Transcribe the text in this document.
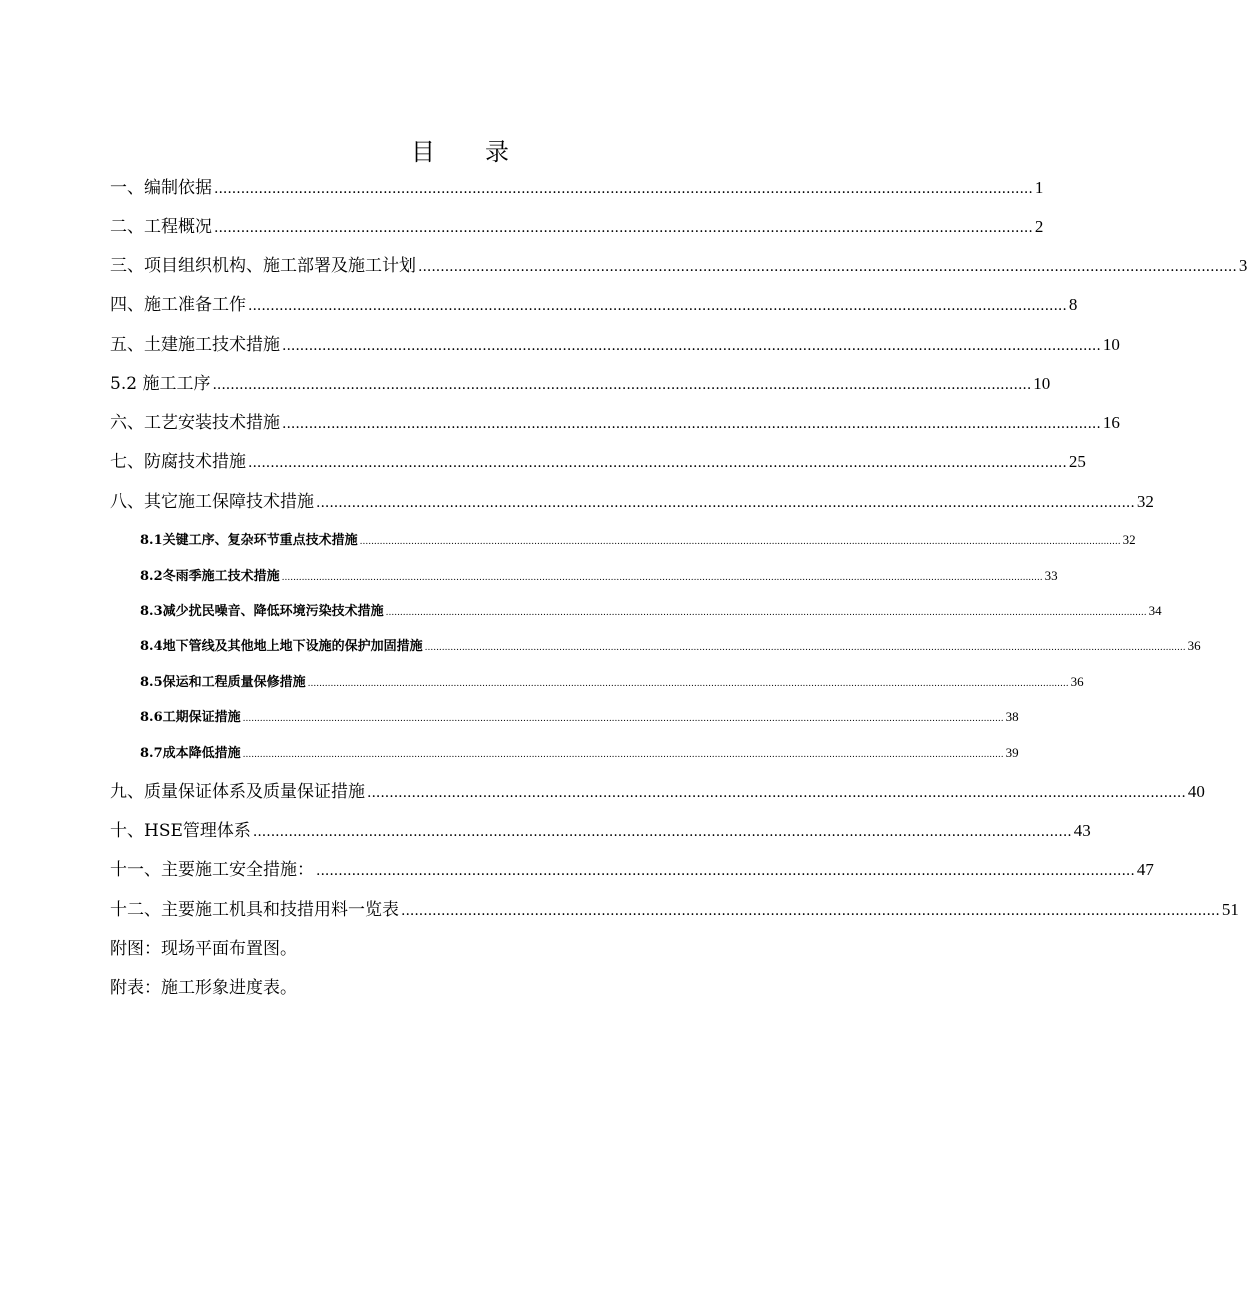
目 录
一、编制依据 ........................................................................................................................................................................................ 1
二、工程概况 ........................................................................................................................................................................................ 2
三、项目组织机构、施工部署及施工计划 ........................................................................................................................................................................................ 3
四、施工准备工作 ........................................................................................................................................................................................ 8
五、土建施工技术措施 ........................................................................................................................................................................................ 10
5.2 施工工序 ........................................................................................................................................................................................ 10
六、工艺安装技术措施 ........................................................................................................................................................................................ 16
七、防腐技术措施 ........................................................................................................................................................................................ 25
八、其它施工保障技术措施 ........................................................................................................................................................................................ 32
8.1关键工序、复杂环节重点技术措施 .......................................................................................................................................................................................................................................................................... 32
8.2冬雨季施工技术措施 .......................................................................................................................................................................................................................................................................... 33
8.3减少扰民噪音、降低环境污染技术措施 .......................................................................................................................................................................................................................................................................... 34
8.4地下管线及其他地上地下设施的保护加固措施 .......................................................................................................................................................................................................................................................................... 36
8.5保运和工程质量保修措施 .......................................................................................................................................................................................................................................................................... 36
8.6工期保证措施 .......................................................................................................................................................................................................................................................................... 38
8.7成本降低措施 .......................................................................................................................................................................................................................................................................... 39
九、质量保证体系及质量保证措施 ........................................................................................................................................................................................ 40
十、HSE管理体系 ........................................................................................................................................................................................ 43
十一、主要施工安全措施： ........................................................................................................................................................................................ 47
十二、主要施工机具和技措用料一览表 ........................................................................................................................................................................................ 51
附图：现场平面布置图。
附表：施工形象进度表。
